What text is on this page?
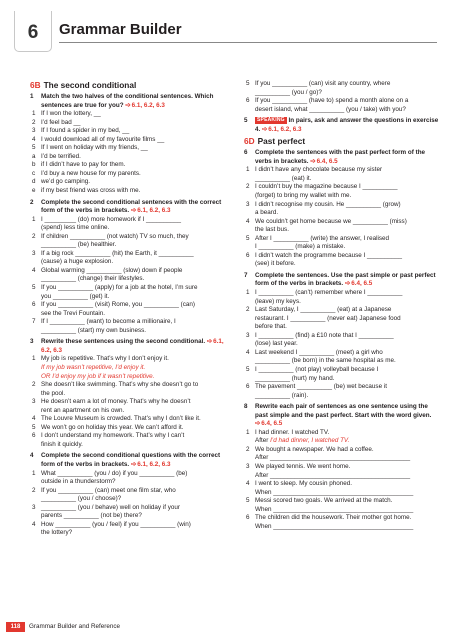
6	Grammar Builder
6B The second conditional
1 Match the two halves of the conditional sentences. Which sentences are true for you? ➩6.1, 6.2, 6.3
1 If I won the lottery, __
2 I’d feel bad __
3 If I found a spider in my bed, __
4 I would download all of my favourite films __
5 If I went on holiday with my friends, __
a I’d be terrified.
b if I didn’t have to pay for them.
c I’d buy a new house for my parents.
d we’d go camping.
e if my best friend was cross with me.
2 Complete the second conditional sentences with the correct form of the verbs in brackets. ➩6.1, 6.2, 6.3
1 I _________ (do) more homework if I __________
(spend) less time online.
2 If children __________ (not watch) TV so much, they
__________ (be) healthier.
3 If a big rock __________ (hit) the Earth, it __________
(cause) a huge explosion.
4 Global warming __________ (slow) down if people
__________ (change) their lifestyles.
5 If you __________ (apply) for a job at the hotel, I’m sure
you __________ (get) it.
6 If you __________ (visit) Rome, you __________ (can)
see the Trevi Fountain.
7 If I __________ (want) to become a millionaire, I
__________ (start) my own business.
3 Rewrite these sentences using the second conditional. ➩6.1, 6.2, 6.3
1 My job is repetitive. That’s why I don’t enjoy it.
If my job wasn’t repetitive, I’d enjoy it.
OR I’d enjoy my job if it wasn’t repetitive.
2 She doesn’t like swimming. That’s why she doesn’t go to
the pool.
3 He doesn’t earn a lot of money. That’s why he doesn’t
rent an apartment on his own.
4 The Louvre Museum is crowded. That’s why I don’t like it.
5 We won’t go on holiday this year. We can’t afford it.
6 I don’t understand my homework. That’s why I can’t
finish it quickly.
4 Complete the second conditional questions with the correct form of the verbs in brackets. ➩6.1, 6.2, 6.3
1 What __________ (you / do) if you __________ (be)
outside in a thunderstorm?
2 If you __________ (can) meet one film star, who
__________ (you / choose)?
3 __________ (you / behave) well on holiday if your
parents __________ (not be) there?
4 How __________ (you / feel) if you __________ (win)
the lottery?
5 If you __________ (can) visit any country, where
__________ (you / go)?
6 If you __________ (have to) spend a month alone on a
desert island, what __________ (you / take) with you?
5 SPEAKING In pairs, ask and answer the questions in exercise 4. ➩6.1, 6.2, 6.3
6D Past perfect
6 Complete the sentences with the past perfect form of the verbs in brackets. ➩6.4, 6.5
1 I didn’t have any chocolate because my sister
__________ (eat) it.
2 I couldn’t buy the magazine because I __________
(forget) to bring my wallet with me.
3 I didn’t recognise my cousin. He __________ (grow)
a beard.
4 We couldn’t get home because we __________ (miss)
the last bus.
5 After I __________ (write) the answer, I realised
I __________ (make) a mistake.
6 I didn’t watch the programme because I __________
(see) it before.
7 Complete the sentences. Use the past simple or past perfect form of the verbs in brackets. ➩6.4, 6.5
1 I __________ (can’t) remember where I __________
(leave) my keys.
2 Last Saturday, I __________ (eat) at a Japanese
restaurant. I __________ (never eat) Japanese food
before that.
3 I __________ (find) a £10 note that I __________
(lose) last year.
4 Last weekend I __________ (meet) a girl who
__________ (be born) in the same hospital as me.
5 I __________ (not play) volleyball because I
__________ (hurt) my hand.
6 The pavement __________ (be) wet because it
__________ (rain).
8 Rewrite each pair of sentences as one sentence using the past simple and the past perfect. Start with the word given. ➩6.4, 6.5
1 I had dinner. I watched TV.
After I’d had dinner, I watched TV.
2 We bought a newspaper. We had a coffee.
After ________________________________________
3 We played tennis. We went home.
After ________________________________________
4 I went to sleep. My cousin phoned.
When ________________________________________
5 Messi scored two goals. We arrived at the match.
When ________________________________________
6 The children did the housework. Their mother got home.
When ________________________________________
118	Grammar Builder and Reference
